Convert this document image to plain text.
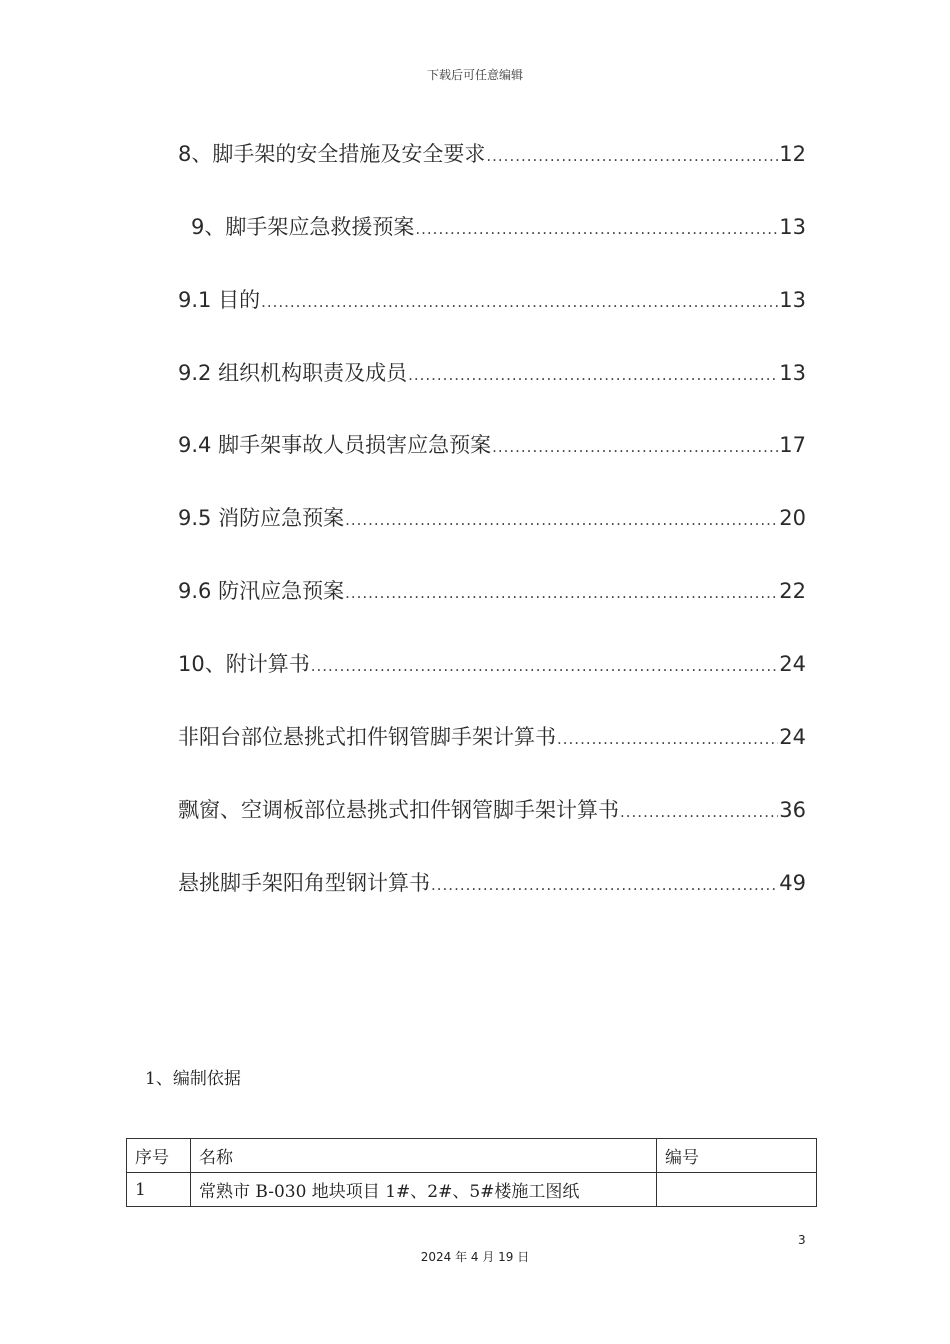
下载后可任意编辑
8、脚手架的安全措施及安全要求 .....	12
9、脚手架应急救援预案 .....	13
9.1 目的 .....	13
9.2 组织机构职责及成员 .....	13
9.4 脚手架事故人员损害应急预案 .....	17
9.5 消防应急预案 .....	20
9.6 防汛应急预案 .....	22
10、附计算书 .....	24
非阳台部位悬挑式扣件钢管脚手架计算书 .....	24
飘窗、空调板部位悬挑式扣件钢管脚手架计算书 .....	36
悬挑脚手架阳角型钢计算书 .....	49
1、编制依据
序号	名称	编号
1	常熟市 B-030 地块项目 1#、2#、5#楼施工图纸	
3
2024 年 4 月 19 日
